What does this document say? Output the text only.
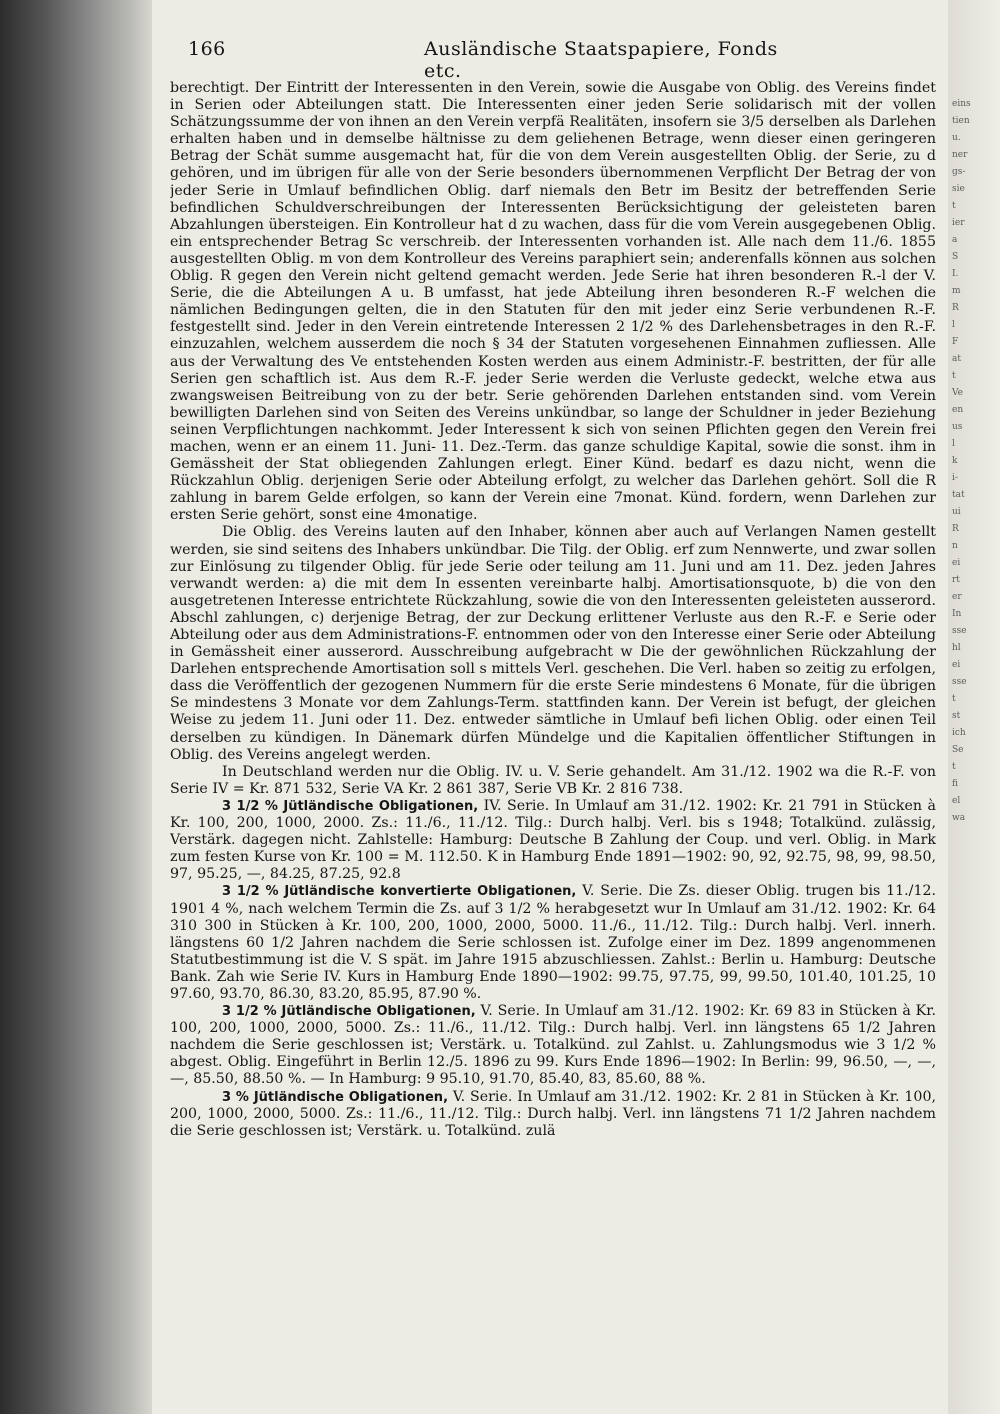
166	Ausländische Staatspapiere, Fonds etc.

berechtigt. Der Eintritt der Interessenten in den Verein, sowie die Ausgabe von Oblig. des Vereins findet in Serien oder Abteilungen statt. Die Interessenten einer jeden Serie solidarisch mit der vollen Schätzungssumme der von ihnen an den Verein verpfä Realitäten, insofern sie 3/5 derselben als Darlehen erhalten haben und in demselbe hältnisse zu dem geliehenen Betrage, wenn dieser einen geringeren Betrag der Schät summe ausgemacht hat, für die von dem Verein ausgestellten Oblig. der Serie, zu d gehören, und im übrigen für alle von der Serie besonders übernommenen Verpflicht Der Betrag der von jeder Serie in Umlauf befindlichen Oblig. darf niemals den Betr im Besitz der betreffenden Serie befindlichen Schuldverschreibungen der Interessenten Berücksichtigung der geleisteten baren Abzahlungen übersteigen. Ein Kontrolleur hat d zu wachen, dass für die vom Verein ausgegebenen Oblig. ein entsprechender Betrag Sc verschreib. der Interessenten vorhanden ist. Alle nach dem 11./6. 1855 ausgestellten Oblig. m von dem Kontrolleur des Vereins paraphiert sein; anderenfalls können aus solchen Oblig. R gegen den Verein nicht geltend gemacht werden. Jede Serie hat ihren besonderen R.-l der V. Serie, die die Abteilungen A u. B umfasst, hat jede Abteilung ihren besonderen R.-F welchen die nämlichen Bedingungen gelten, die in den Statuten für den mit jeder einz Serie verbundenen R.-F. festgestellt sind. Jeder in den Verein eintretende Interessen 2 1/2 % des Darlehensbetrages in den R.-F. einzuzahlen, welchem ausserdem die noch § 34 der Statuten vorgesehenen Einnahmen zufliessen. Alle aus der Verwaltung des Ve entstehenden Kosten werden aus einem Administr.-F. bestritten, der für alle Serien gen schaftlich ist. Aus dem R.-F. jeder Serie werden die Verluste gedeckt, welche etwa aus zwangsweisen Beitreibung von zu der betr. Serie gehörenden Darlehen entstanden sind. vom Verein bewilligten Darlehen sind von Seiten des Vereins unkündbar, so lange der Schuldner in jeder Beziehung seinen Verpflichtungen nachkommt. Jeder Interessent k sich von seinen Pflichten gegen den Verein frei machen, wenn er an einem 11. Juni- 11. Dez.-Term. das ganze schuldige Kapital, sowie die sonst. ihm in Gemässheit der Stat obliegenden Zahlungen erlegt. Einer Künd. bedarf es dazu nicht, wenn die Rückzahlun Oblig. derjenigen Serie oder Abteilung erfolgt, zu welcher das Darlehen gehört. Soll die R zahlung in barem Gelde erfolgen, so kann der Verein eine 7monat. Künd. fordern, wenn Darlehen zur ersten Serie gehört, sonst eine 4monatige.

Die Oblig. des Vereins lauten auf den Inhaber, können aber auch auf Verlangen Namen gestellt werden, sie sind seitens des Inhabers unkündbar. Die Tilg. der Oblig. erf zum Nennwerte, und zwar sollen zur Einlösung zu tilgender Oblig. für jede Serie oder teilung am 11. Juni und am 11. Dez. jeden Jahres verwandt werden: a) die mit dem In essenten vereinbarte halbj. Amortisationsquote, b) die von den ausgetretenen Interesse entrichtete Rückzahlung, sowie die von den Interessenten geleisteten ausserord. Abschl zahlungen, c) derjenige Betrag, der zur Deckung erlittener Verluste aus den R.-F. e Serie oder Abteilung oder aus dem Administrations-F. entnommen oder von den Interesse einer Serie oder Abteilung in Gemässheit einer ausserord. Ausschreibung aufgebracht w Die der gewöhnlichen Rückzahlung der Darlehen entsprechende Amortisation soll s mittels Verl. geschehen. Die Verl. haben so zeitig zu erfolgen, dass die Veröffentlich der gezogenen Nummern für die erste Serie mindestens 6 Monate, für die übrigen Se mindestens 3 Monate vor dem Zahlungs-Term. stattfinden kann. Der Verein ist befugt, der gleichen Weise zu jedem 11. Juni oder 11. Dez. entweder sämtliche in Umlauf befi lichen Oblig. oder einen Teil derselben zu kündigen. In Dänemark dürfen Mündelge und die Kapitalien öffentlicher Stiftungen in Oblig. des Vereins angelegt werden.

In Deutschland werden nur die Oblig. IV. u. V. Serie gehandelt. Am 31./12. 1902 wa die R.-F. von Serie IV = Kr. 871 532, Serie VA Kr. 2 861 387, Serie VB Kr. 2 816 738.

3 1/2 % Jütländische Obligationen, IV. Serie. In Umlauf am 31./12. 1902: Kr. 21 791 in Stücken à Kr. 100, 200, 1000, 2000. Zs.: 11./6., 11./12. Tilg.: Durch halbj. Verl. bis s 1948; Totalkünd. zulässig, Verstärk. dagegen nicht. Zahlstelle: Hamburg: Deutsche B Zahlung der Coup. und verl. Oblig. in Mark zum festen Kurse von Kr. 100 = M. 112.50. K in Hamburg Ende 1891—1902: 90, 92, 92.75, 98, 99, 98.50, 97, 95.25, —, 84.25, 87.25, 92.8

3 1/2 % Jütländische konvertierte Obligationen, V. Serie. Die Zs. dieser Oblig. trugen bis 11./12. 1901 4 %, nach welchem Termin die Zs. auf 3 1/2 % herabgesetzt wur In Umlauf am 31./12. 1902: Kr. 64 310 300 in Stücken à Kr. 100, 200, 1000, 2000, 5000. 11./6., 11./12. Tilg.: Durch halbj. Verl. innerh. längstens 60 1/2 Jahren nachdem die Serie schlossen ist. Zufolge einer im Dez. 1899 angenommenen Statutbestimmung ist die V. S spät. im Jahre 1915 abzuschliessen. Zahlst.: Berlin u. Hamburg: Deutsche Bank. Zah wie Serie IV. Kurs in Hamburg Ende 1890—1902: 99.75, 97.75, 99, 99.50, 101.40, 101.25, 10 97.60, 93.70, 86.30, 83.20, 85.95, 87.90 %.

3 1/2 % Jütländische Obligationen, V. Serie. In Umlauf am 31./12. 1902: Kr. 69 83 in Stücken à Kr. 100, 200, 1000, 2000, 5000. Zs.: 11./6., 11./12. Tilg.: Durch halbj. Verl. inn längstens 65 1/2 Jahren nachdem die Serie geschlossen ist; Verstärk. u. Totalkünd. zul Zahlst. u. Zahlungsmodus wie 3 1/2 % abgest. Oblig. Eingeführt in Berlin 12./5. 1896 zu 99. Kurs Ende 1896—1902: In Berlin: 99, 96.50, —, —, —, 85.50, 88.50 %. — In Hamburg: 9 95.10, 91.70, 85.40, 83, 85.60, 88 %.

3 % Jütländische Obligationen, V. Serie. In Umlauf am 31./12. 1902: Kr. 2 81 in Stücken à Kr. 100, 200, 1000, 2000, 5000. Zs.: 11./6., 11./12. Tilg.: Durch halbj. Verl. inn längstens 71 1/2 Jahren nachdem die Serie geschlossen ist; Verstärk. u. Totalkünd. zulä

eins
tien
u.
ner
gs-
sie
t
ier
a
S
I.
m
R
l
F
at
t
Ve
en
us
l
k
i-
tat
ui
R
n
ei
rt
er
In
sse
hl
ei
sse
t
st
ich
Se
t
fi
el
wa
